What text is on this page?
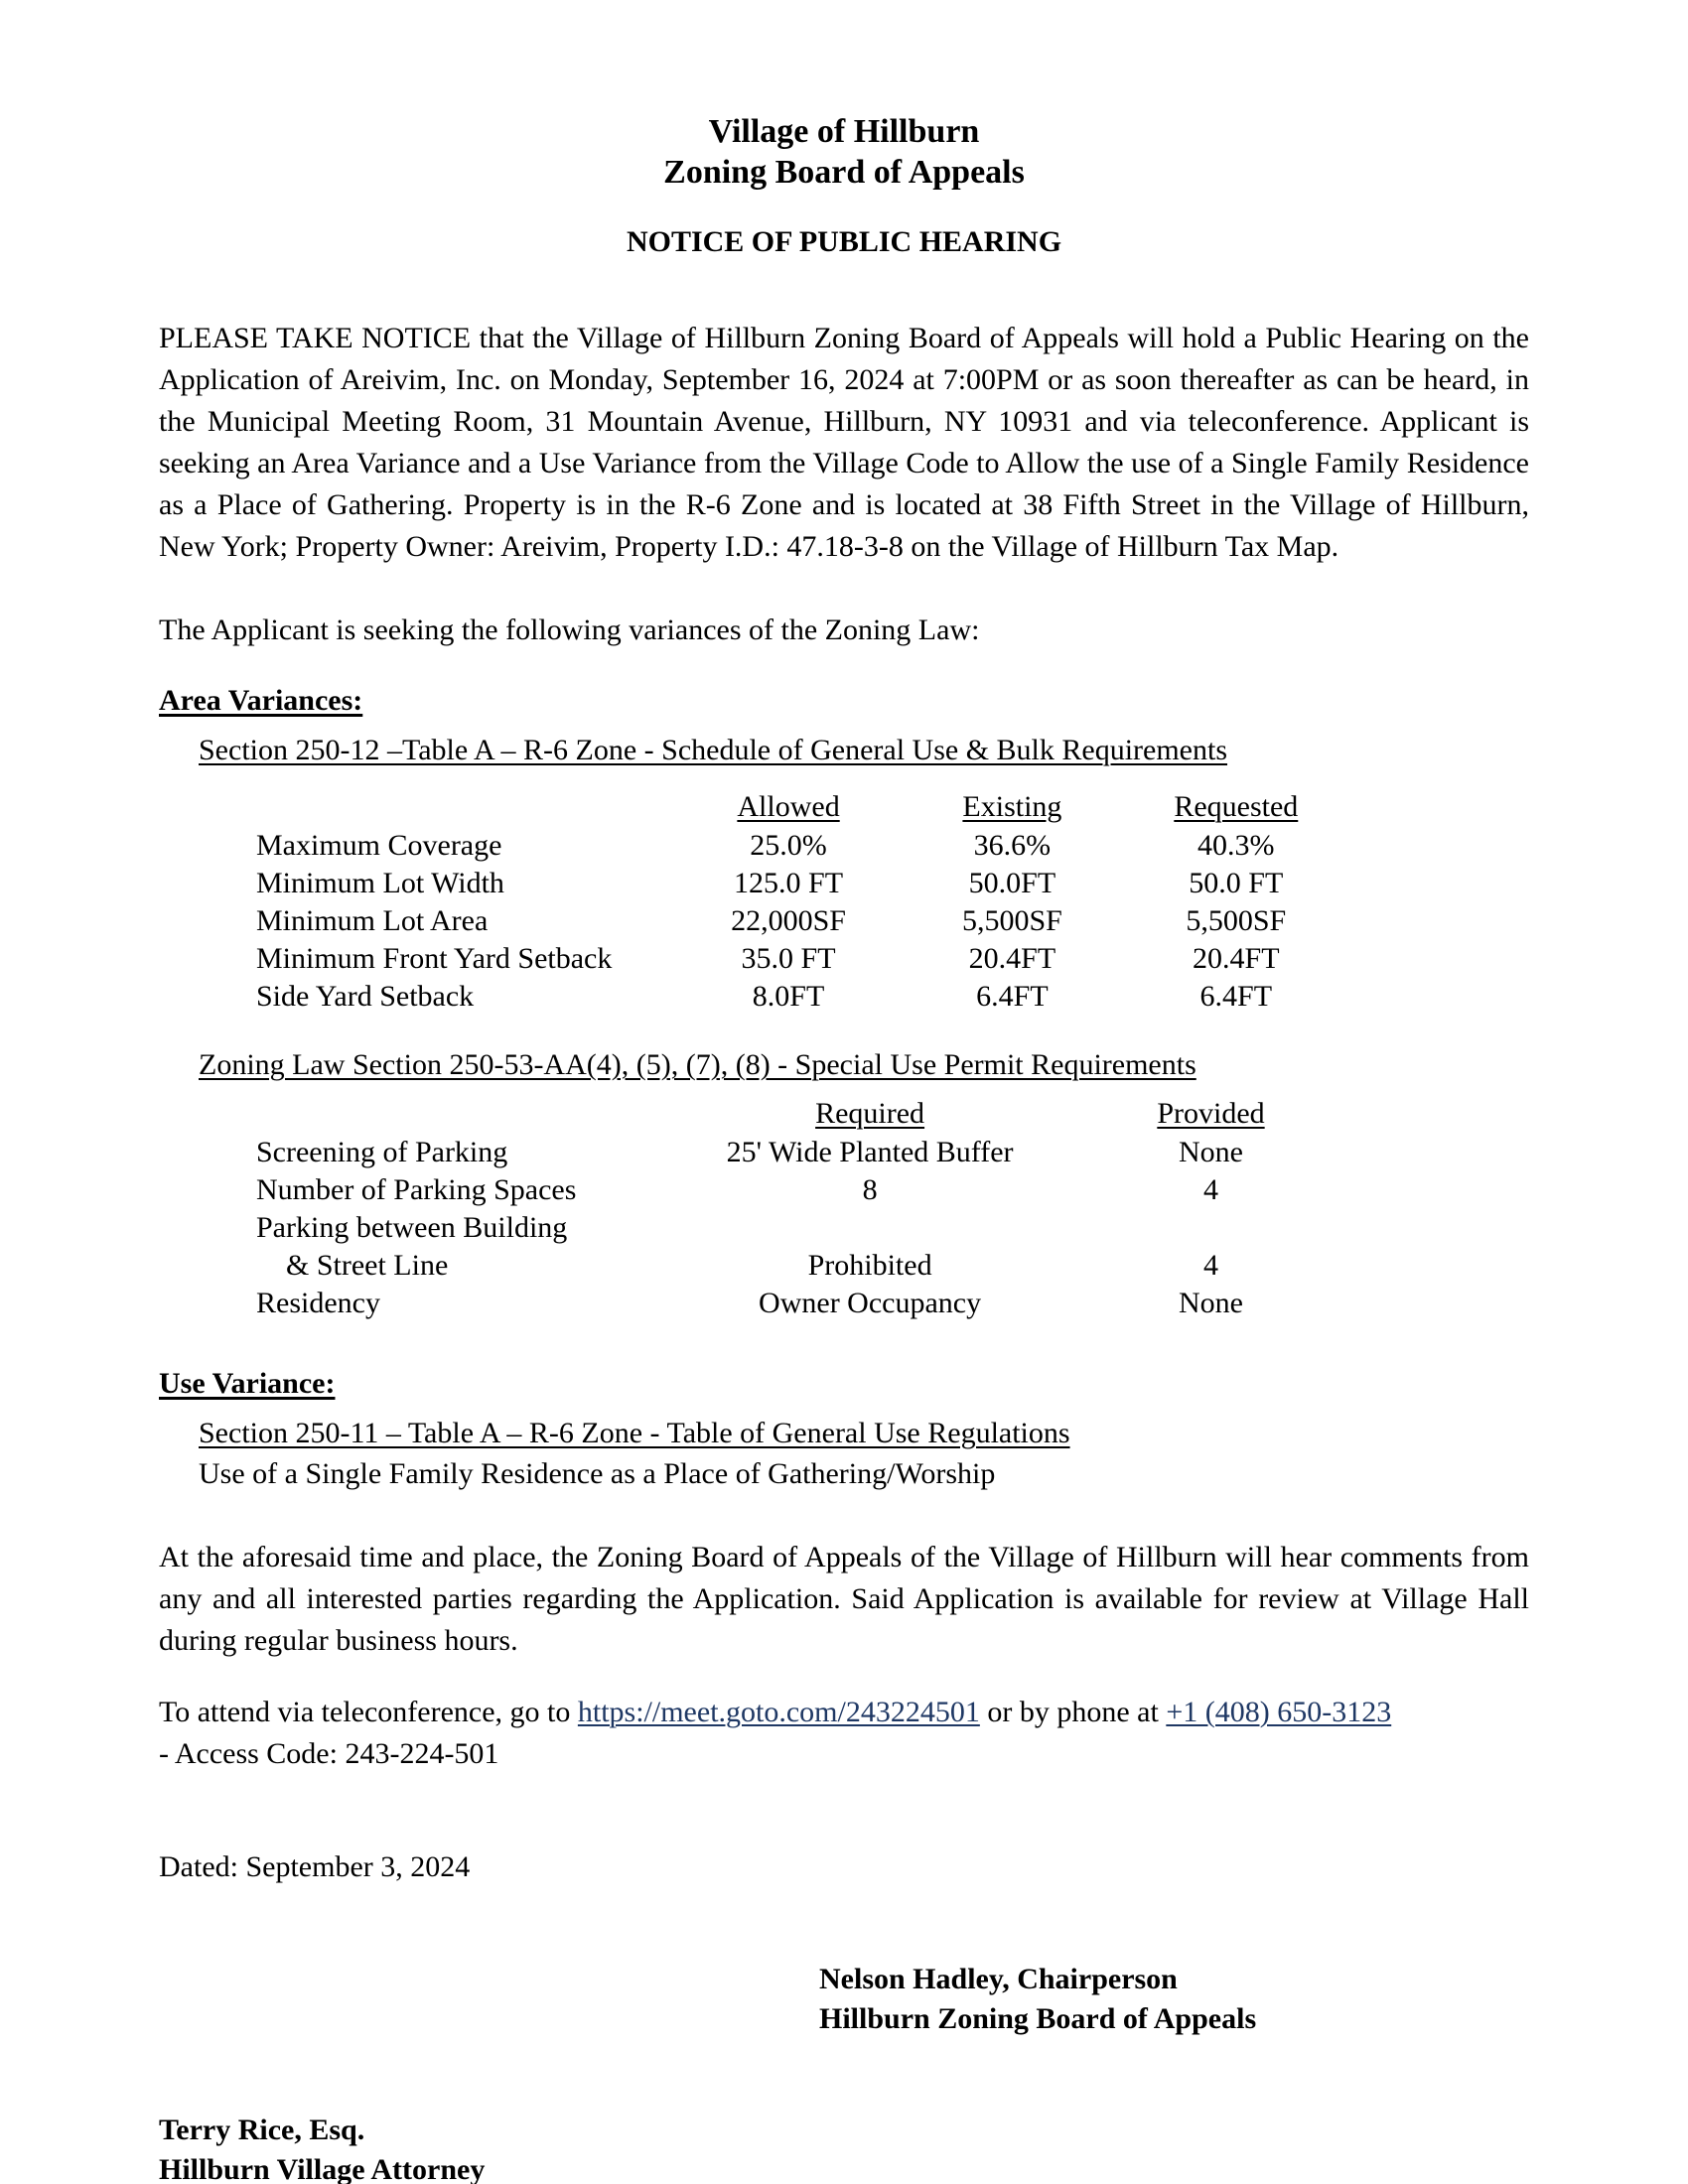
Village of Hillburn
Zoning Board of Appeals
NOTICE OF PUBLIC HEARING

PLEASE TAKE NOTICE that the Village of Hillburn Zoning Board of Appeals will hold a Public Hearing on the Application of Areivim, Inc. on Monday, September 16, 2024 at 7:00PM or as soon thereafter as can be heard, in the Municipal Meeting Room, 31 Mountain Avenue, Hillburn, NY 10931 and via teleconference. Applicant is seeking an Area Variance and a Use Variance from the Village Code to Allow the use of a Single Family Residence as a Place of Gathering. Property is in the R-6 Zone and is located at 38 Fifth Street in the Village of Hillburn, New York; Property Owner: Areivim, Property I.D.: 47.18-3-8 on the Village of Hillburn Tax Map.

The Applicant is seeking the following variances of the Zoning Law:

Area Variances:
Section 250-12 –Table A – R-6 Zone - Schedule of General Use & Bulk Requirements
	Allowed	Existing	Requested
Maximum Coverage	25.0%	36.6%	40.3%
Minimum Lot Width	125.0 FT	50.0FT	50.0 FT
Minimum Lot Area	22,000SF	5,500SF	5,500SF
Minimum Front Yard Setback	35.0 FT	20.4FT	20.4FT
Side Yard Setback	8.0FT	6.4FT	6.4FT
Zoning Law Section 250-53-AA(4), (5), (7), (8) - Special Use Permit Requirements
	Required	Provided
Screening of Parking	25' Wide Planted Buffer	None
Number of Parking Spaces	8	4
Parking between Building		
& Street Line	Prohibited	4
Residency	Owner Occupancy	None
Use Variance:
Section 250-11 – Table A – R-6 Zone - Table of General Use Regulations
Use of a Single Family Residence as a Place of Gathering/Worship

At the aforesaid time and place, the Zoning Board of Appeals of the Village of Hillburn will hear comments from any and all interested parties regarding the Application. Said Application is available for review at Village Hall during regular business hours.

To attend via teleconference, go to https://meet.goto.com/243224501 or by phone at +1 (408) 650-3123

- Access Code: 243-224-501

Dated: September 3, 2024

Nelson Hadley, Chairperson
Hillburn Zoning Board of Appeals
Terry Rice, Esq.
Hillburn Village Attorney
